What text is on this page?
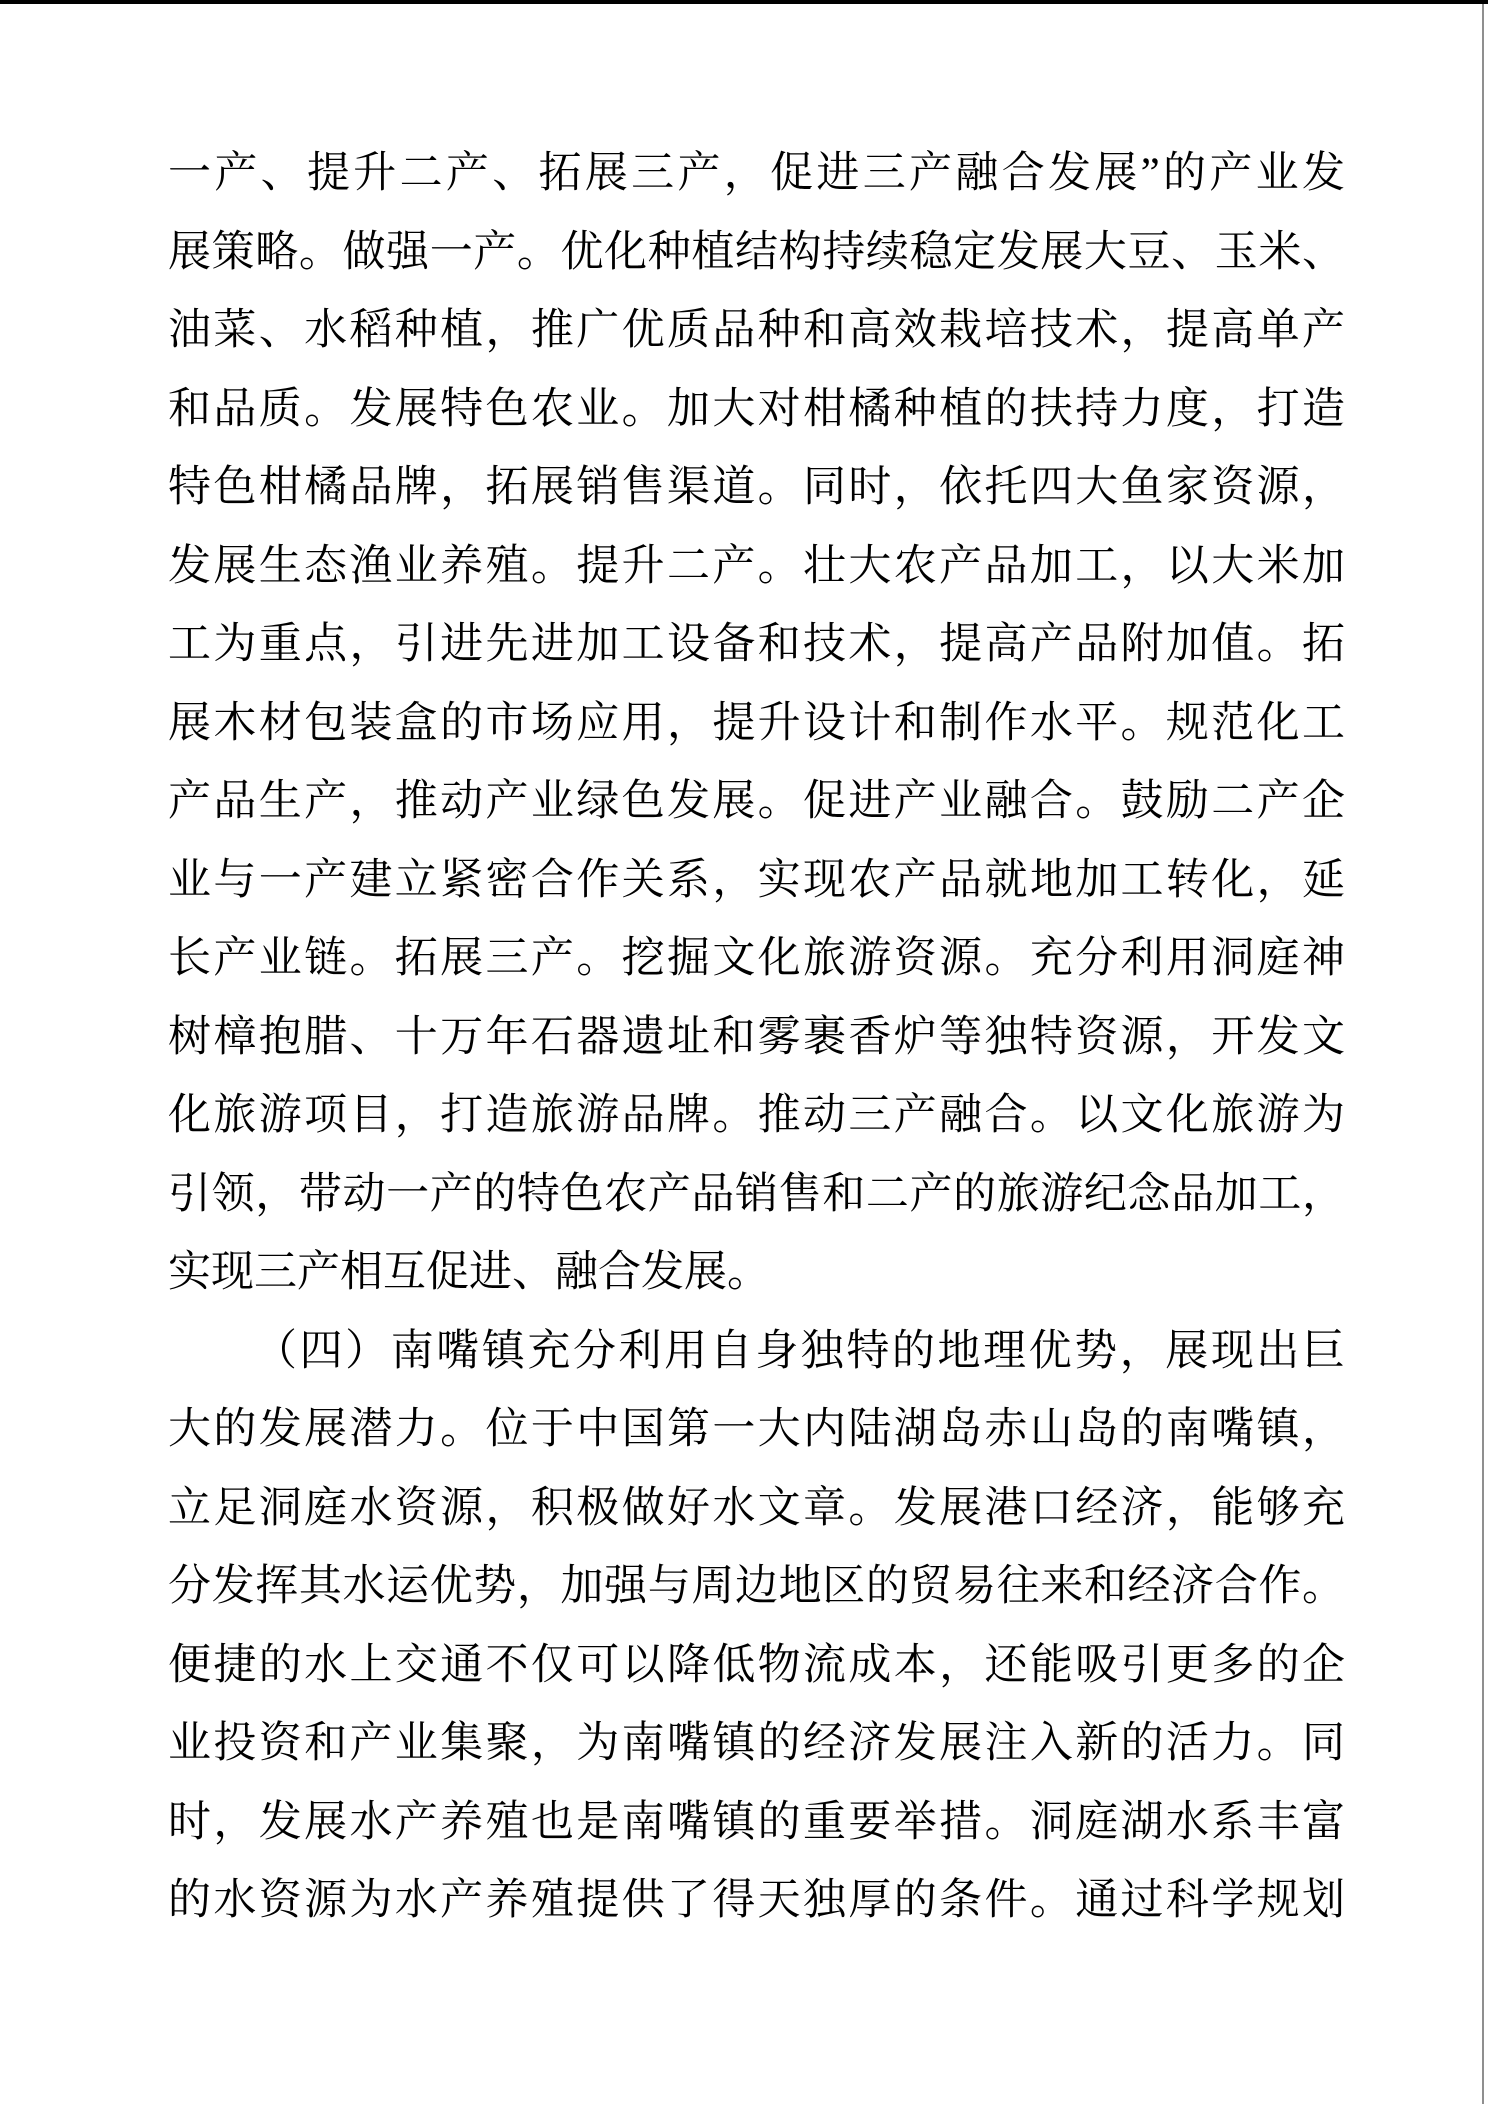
一产、提升二产、拓展三产，促进三产融合发展”的产业发
展策略。做强一产。优化种植结构持续稳定发展大豆、玉米、
油菜、水稻种植，推广优质品种和高效栽培技术，提高单产
和品质。发展特色农业。加大对柑橘种植的扶持力度，打造
特色柑橘品牌，拓展销售渠道。同时，依托四大鱼家资源，
发展生态渔业养殖。提升二产。壮大农产品加工，以大米加
工为重点，引进先进加工设备和技术，提高产品附加值。拓
展木材包装盒的市场应用，提升设计和制作水平。规范化工
产品生产，推动产业绿色发展。促进产业融合。鼓励二产企
业与一产建立紧密合作关系，实现农产品就地加工转化，延
长产业链。拓展三产。挖掘文化旅游资源。充分利用洞庭神
树樟抱腊、十万年石器遗址和雾裹香炉等独特资源，开发文
化旅游项目，打造旅游品牌。推动三产融合。以文化旅游为
引领，带动一产的特色农产品销售和二产的旅游纪念品加工，
实现三产相互促进、融合发展。
（四）南嘴镇充分利用自身独特的地理优势，展现出巨
大的发展潜力。位于中国第一大内陆湖岛赤山岛的南嘴镇，
立足洞庭水资源，积极做好水文章。发展港口经济，能够充
分发挥其水运优势，加强与周边地区的贸易往来和经济合作。
便捷的水上交通不仅可以降低物流成本，还能吸引更多的企
业投资和产业集聚，为南嘴镇的经济发展注入新的活力。同
时，发展水产养殖也是南嘴镇的重要举措。洞庭湖水系丰富
的水资源为水产养殖提供了得天独厚的条件。通过科学规划
